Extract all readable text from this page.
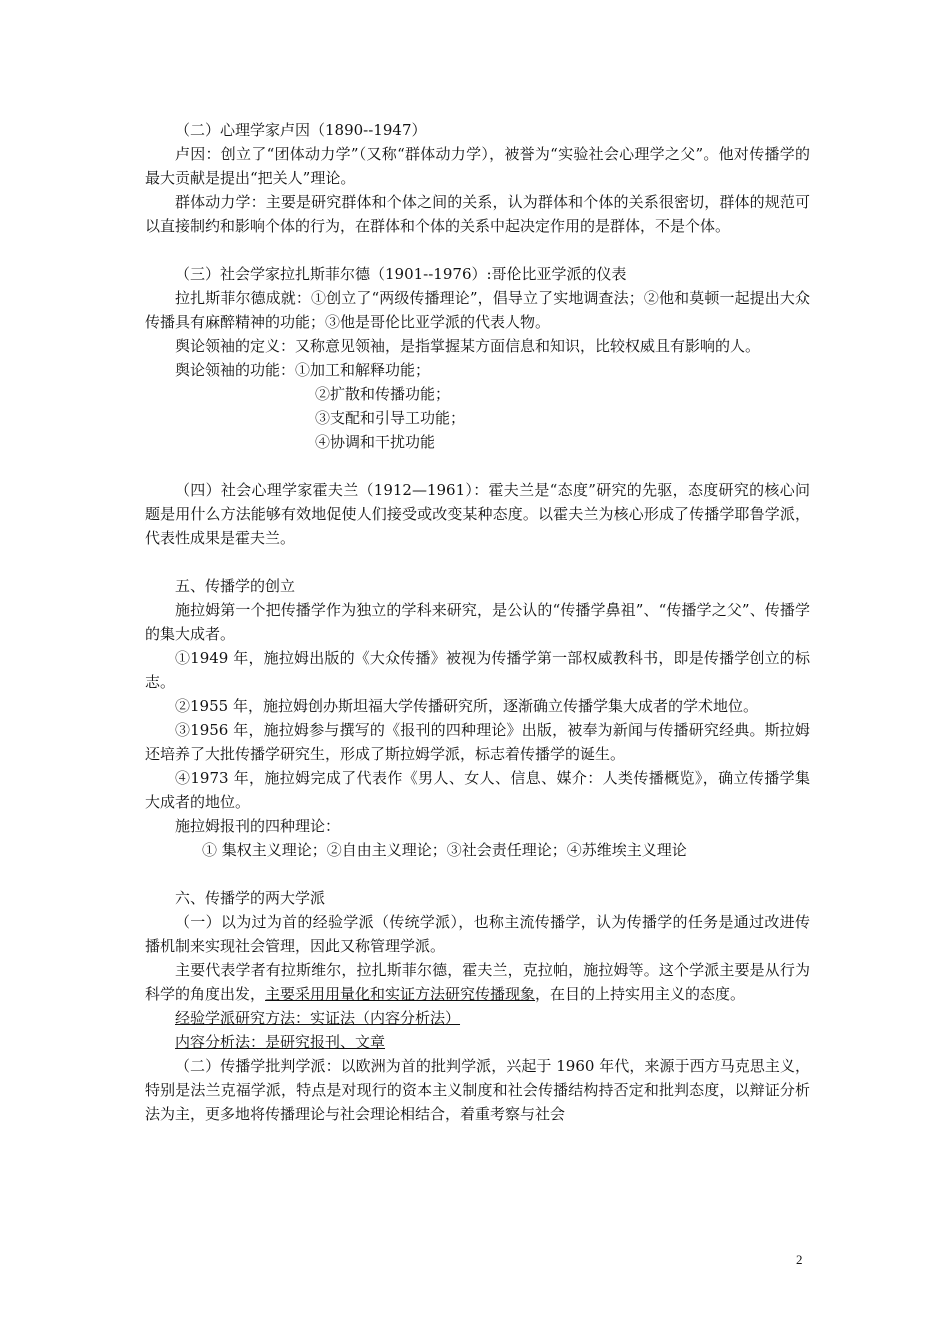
（二）心理学家卢因（1890--1947）

卢因：创立了“团体动力学”（又称“群体动力学），被誉为“实验社会心理学之父”。他对传播学的最大贡献是提出“把关人”理论。

群体动力学：主要是研究群体和个体之间的关系，认为群体和个体的关系很密切，群体的规范可以直接制约和影响个体的行为，在群体和个体的关系中起决定作用的是群体，不是个体。

（三）社会学家拉扎斯菲尔德（1901--1976）:哥伦比亚学派的仪表

拉扎斯菲尔德成就：①创立了“两级传播理论”，倡导立了实地调查法；②他和莫顿一起提出大众传播具有麻醉精神的功能；③他是哥伦比亚学派的代表人物。

舆论领袖的定义：又称意见领袖，是指掌握某方面信息和知识，比较权威且有影响的人。

舆论领袖的功能：①加工和解释功能；

②扩散和传播功能；

③支配和引导工功能；

④协调和干扰功能

（四）社会心理学家霍夫兰（1912—1961）：霍夫兰是“态度”研究的先驱，态度研究的核心问题是用什么方法能够有效地促使人们接受或改变某种态度。以霍夫兰为核心形成了传播学耶鲁学派，代表性成果是霍夫兰。

五、传播学的创立

施拉姆第一个把传播学作为独立的学科来研究，是公认的“传播学鼻祖”、“传播学之父”、传播学的集大成者。

①1949 年，施拉姆出版的《大众传播》被视为传播学第一部权威教科书，即是传播学创立的标志。

②1955 年，施拉姆创办斯坦福大学传播研究所，逐渐确立传播学集大成者的学术地位。

③1956 年，施拉姆参与撰写的《报刊的四种理论》出版，被奉为新闻与传播研究经典。斯拉姆还培养了大批传播学研究生，形成了斯拉姆学派，标志着传播学的诞生。

④1973 年，施拉姆完成了代表作《男人、女人、信息、媒介：人类传播概览》，确立传播学集大成者的地位。

施拉姆报刊的四种理论：

① 集权主义理论；②自由主义理论；③社会责任理论；④苏维埃主义理论

六、传播学的两大学派

（一）以为过为首的经验学派（传统学派），也称主流传播学，认为传播学的任务是通过改进传播机制来实现社会管理，因此又称管理学派。

主要代表学者有拉斯维尔，拉扎斯菲尔德，霍夫兰，克拉帕，施拉姆等。这个学派主要是从行为科学的角度出发，主要采用用量化和实证方法研究传播现象，在目的上持实用主义的态度。

经验学派研究方法：实证法（内容分析法）

内容分析法：是研究报刊、文章

（二）传播学批判学派：以欧洲为首的批判学派，兴起于 1960 年代，来源于西方马克思主义，特别是法兰克福学派，特点是对现行的资本主义制度和社会传播结构持否定和批判态度，以辩证分析法为主，更多地将传播理论与社会理论相结合，着重考察与社会

2
